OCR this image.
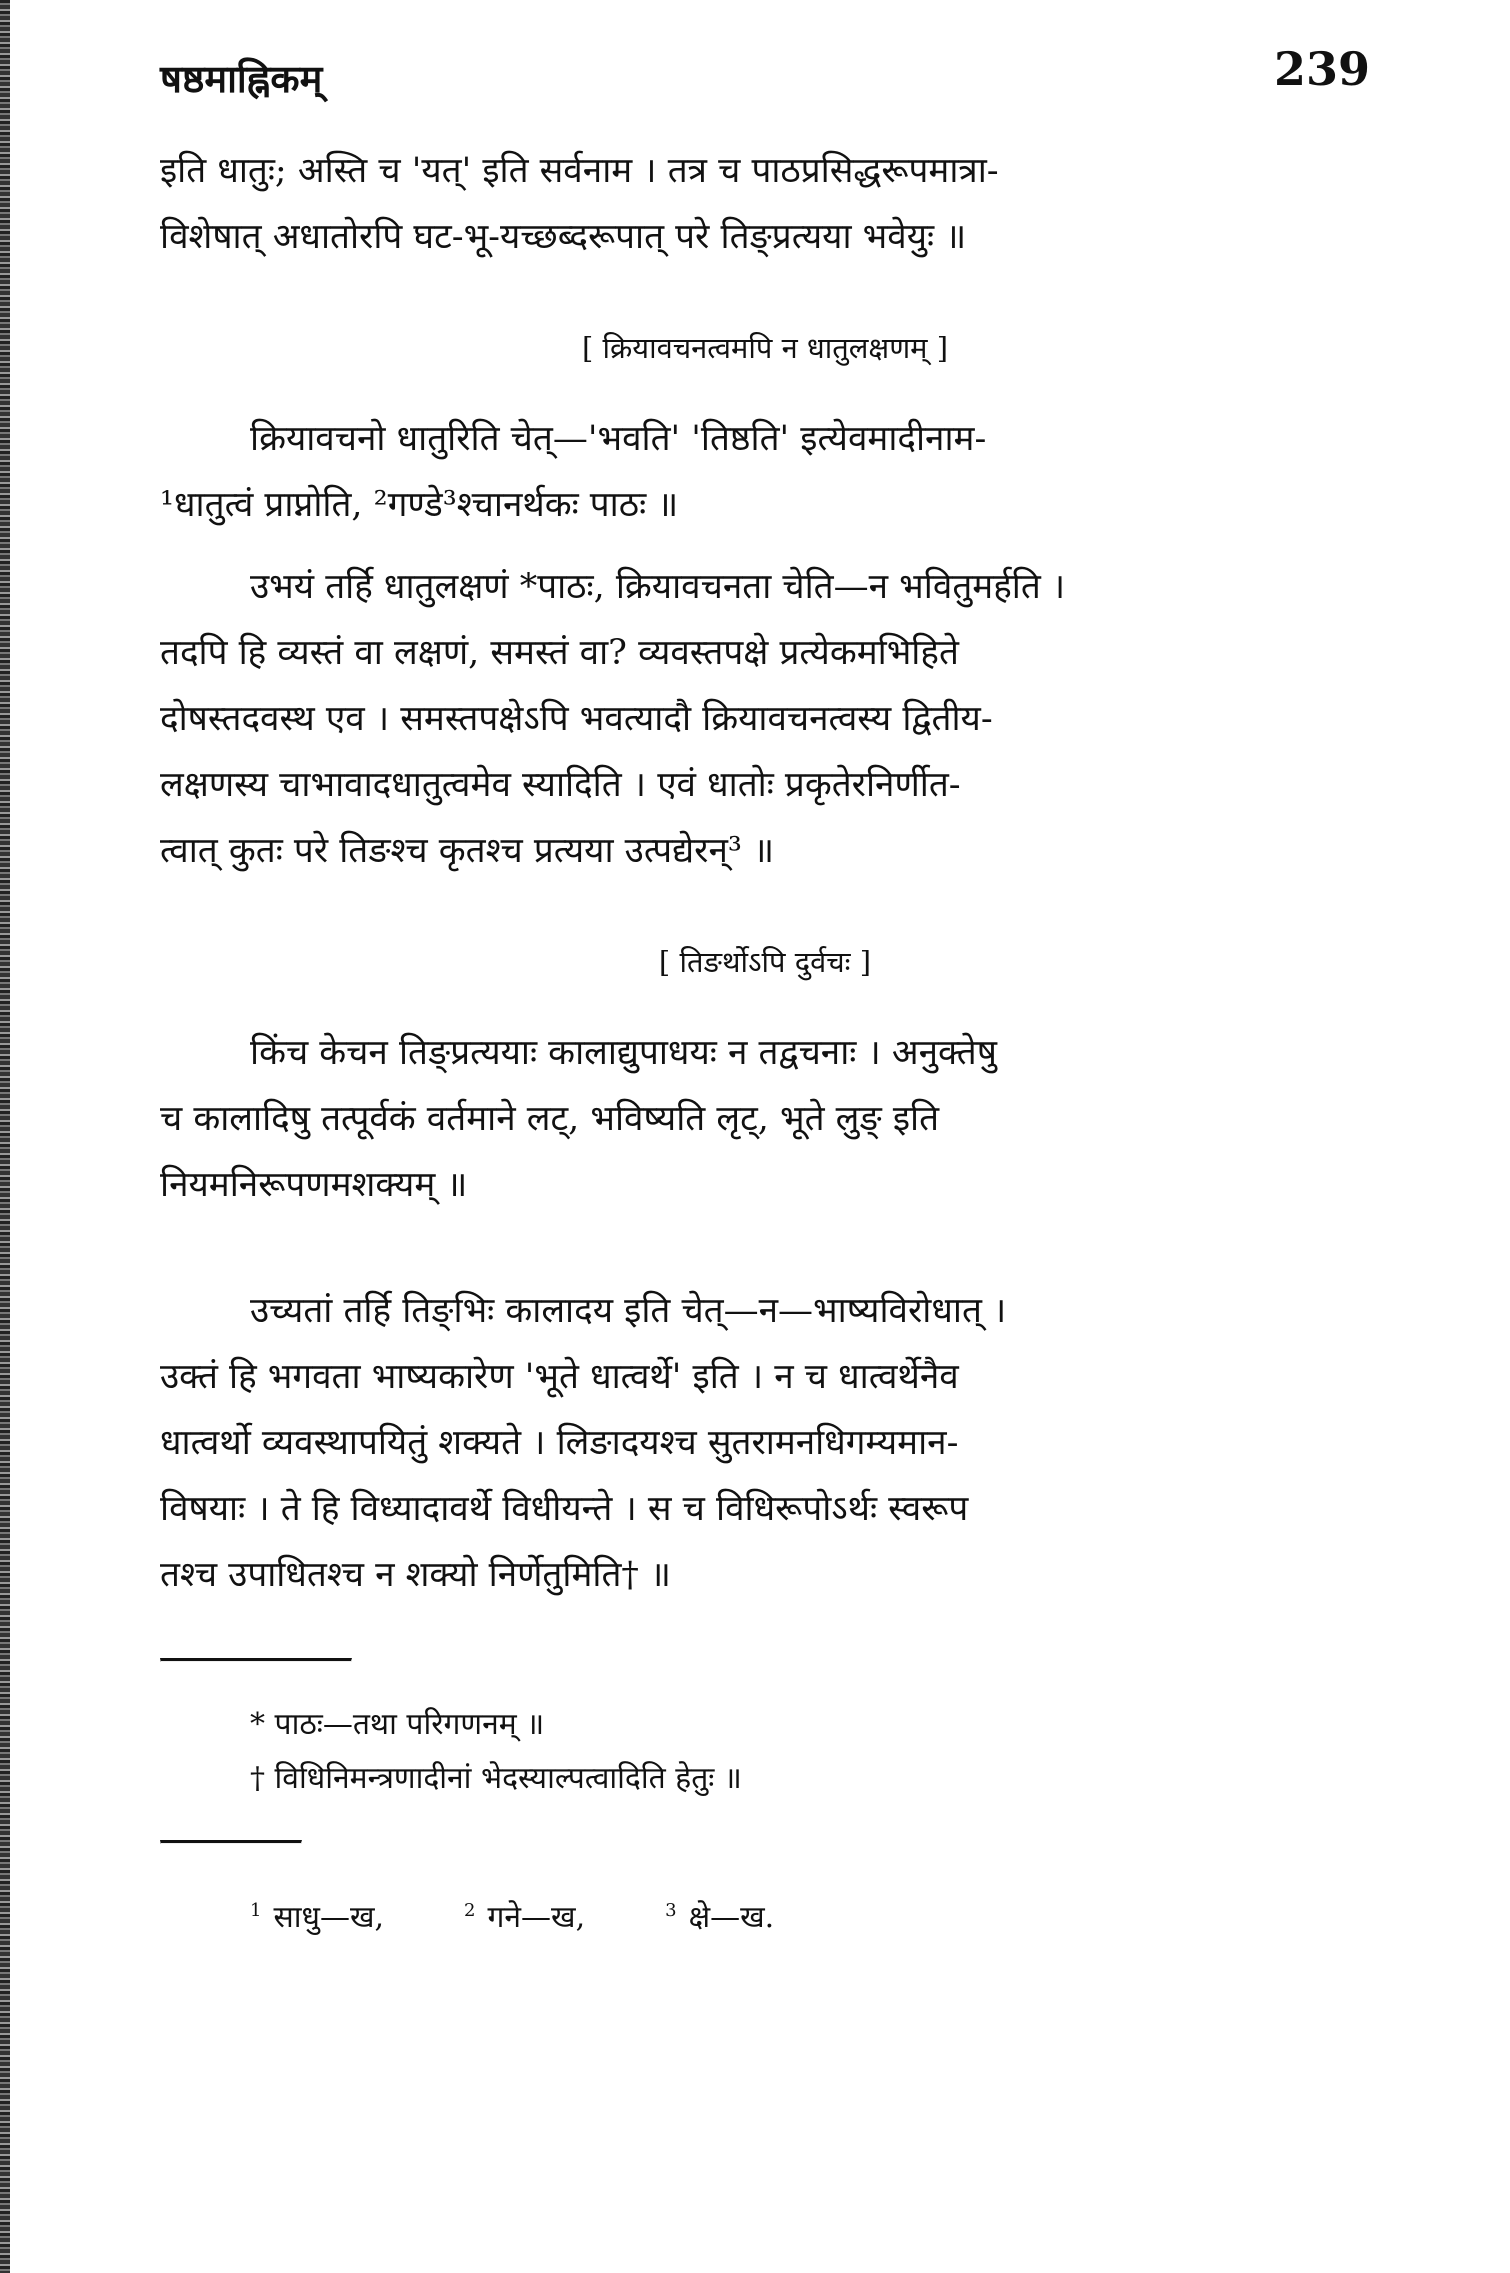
षष्ठमाह्निकम्	239

इति धातुः; अस्ति च 'यत्' इति सर्वनाम । तत्र च पाठप्रसिद्धरूपमात्रा-
विशेषात् अधातोरपि घट-भू-यच्छब्दरूपात् परे तिङ्प्रत्यया भवेयुः ॥

[ क्रियावचनत्वमपि न धातुलक्षणम् ]

क्रियावचनो धातुरिति चेत्—'भवति' 'तिष्ठति' इत्येवमादीनाम-
¹धातुत्वं प्राप्नोति, ²गण्डे³श्चानर्थकः पाठः ॥

उभयं तर्हि धातुलक्षणं *पाठः, क्रियावचनता चेति—न भवितुमर्हति ।
तदपि हि व्यस्तं वा लक्षणं, समस्तं वा? व्यवस्तपक्षे प्रत्येकमभिहिते
दोषस्तदवस्थ एव । समस्तपक्षेऽपि भवत्यादौ क्रियावचनत्वस्य द्वितीय-
लक्षणस्य चाभावादधातुत्वमेव स्यादिति । एवं धातोः प्रकृतेरनिर्णीत-
त्वात् कुतः परे तिङश्च कृतश्च प्रत्यया उत्पद्येरन्³ ॥

[ तिङर्थोऽपि दुर्वचः ]

किंच केचन तिङ्प्रत्ययाः कालाद्युपाधयः न तद्वचनाः । अनुक्तेषु
च कालादिषु तत्पूर्वकं वर्तमाने लट्, भविष्यति लृट्, भूते लुङ् इति
नियमनिरूपणमशक्यम् ॥

उच्यतां तर्हि तिङ्भिः कालादय इति चेत्—न—भाष्यविरोधात् ।
उक्तं हि भगवता भाष्यकारेण 'भूते धात्वर्थे' इति । न च धात्वर्थेनैव
धात्वर्थो व्यवस्थापयितुं शक्यते । लिङादयश्च सुतरामनधिगम्यमान-
विषयाः । ते हि विध्यादावर्थे विधीयन्ते । स च विधिरूपोऽर्थः स्वरूप
तश्च उपाधितश्च न शक्यो निर्णेतुमिति† ॥

* पाठः—तथा परिगणनम् ॥

† विधिनिमन्त्रणादीनां भेदस्याल्पत्वादिति हेतुः ॥

$^1$ साधु—ख,	$^2$ गने—ख,	$^3$ क्षे—ख.
